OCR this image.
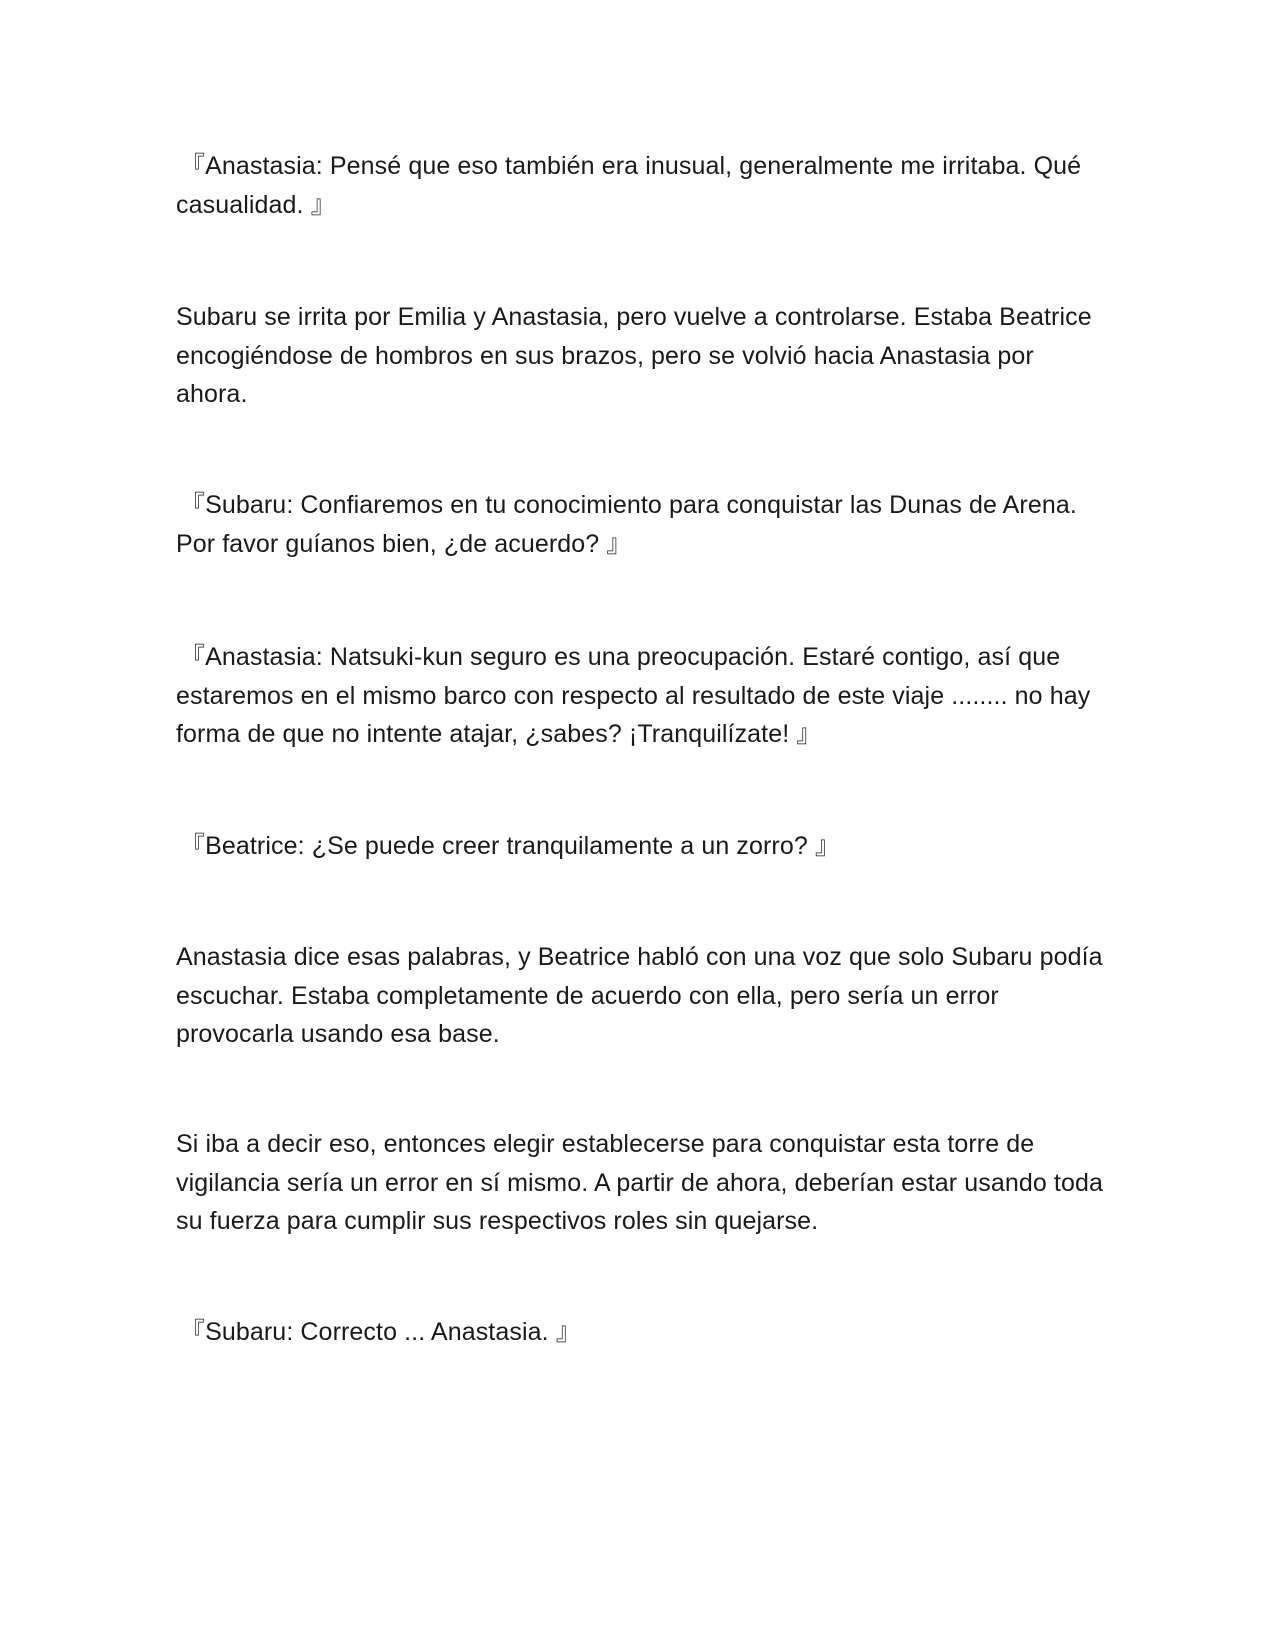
『Anastasia: Pensé que eso también era inusual, generalmente me irritaba. Qué casualidad. 』

Subaru se irrita por Emilia y Anastasia, pero vuelve a controlarse. Estaba Beatrice encogiéndose de hombros en sus brazos, pero se volvió hacia Anastasia por ahora.

『Subaru: Confiaremos en tu conocimiento para conquistar las Dunas de Arena. Por favor guíanos bien, ¿de acuerdo? 』

『Anastasia: Natsuki-kun seguro es una preocupación. Estaré contigo, así que estaremos en el mismo barco con respecto al resultado de este viaje ........ no hay forma de que no intente atajar, ¿sabes? ¡Tranquilízate! 』

『Beatrice: ¿Se puede creer tranquilamente a un zorro? 』

Anastasia dice esas palabras, y Beatrice habló con una voz que solo Subaru podía escuchar. Estaba completamente de acuerdo con ella, pero sería un error provocarla usando esa base.

Si iba a decir eso, entonces elegir establecerse para conquistar esta torre de vigilancia sería un error en sí mismo. A partir de ahora, deberían estar usando toda su fuerza para cumplir sus respectivos roles sin quejarse.

『Subaru: Correcto ... Anastasia. 』
